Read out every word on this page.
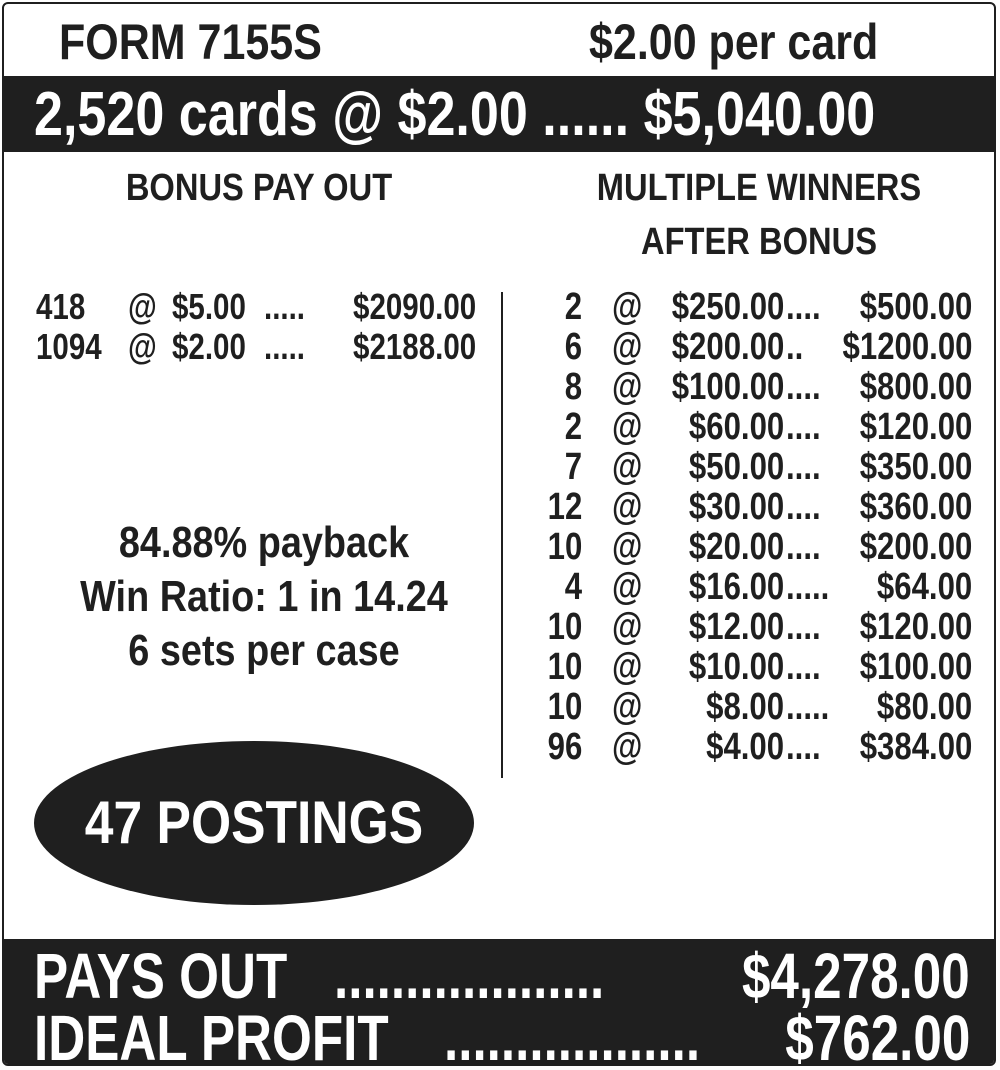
FORM 7155S	$2.00 per card
2,520 cards @ $2.00 ...... $5,040.00
BONUS PAY OUT	MULTIPLE WINNERS
AFTER BONUS
418 @ $5.00 ..... $2090.00
1094 @ $2.00 ..... $2188.00
2 @ $250.00 .... $500.00
6 @ $200.00 .. $1200.00
8 @ $100.00 .... $800.00
2 @ $60.00 .... $120.00
7 @ $50.00 .... $350.00
12 @ $30.00 .... $360.00
10 @ $20.00 .... $200.00
4 @ $16.00 ..... $64.00
10 @ $12.00 .... $120.00
10 @ $10.00 .... $100.00
10 @ $8.00 ..... $80.00
96 @ $4.00 .... $384.00
84.88% payback
Win Ratio: 1 in 14.24
6 sets per case
47 POSTINGS
PAYS OUT ................... $4,278.00
IDEAL PROFIT .................. $762.00
